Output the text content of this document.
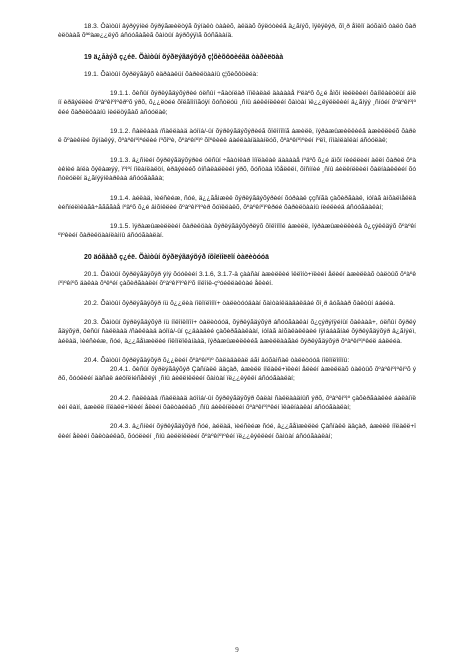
18.3. Ôàìòûí âýðýýíèé õýðýãæèëòýã õýíàëò òàâèõ, àëäàõ õýëóòèéã ä¿ãíýõ, ïÿëÿëýð, õî¸ð åîëîí äóõàìõ òàëò õàðèëöààã õªºàæ¿¿ëýõ áñóóãàãèã õàìòûí âýðõýÿìã õóñãààíä.

19 ä¿åàýð ç¿éë. Õàìòûí õýðëýãäýõýð ç¦õèõôöèéãä òàðèëöàà

19.1. Õàìòûí õýðëýãäýõ èäðààëüí õàðèëöààíû ç¦õèõôöèéà:

19.1.1. õèñûí õýðëýãäýõýðèé óëñûí ÷ãàòíëàð ïíïëàëàë äààààå íºëàºõ õ¿é åìõí íèéëëèéí õàíîëàëòëûí áíëíí èðäýéëèé õºàºêíºìºêðºõ ýðõ, õ¿¿ëòéé õîëãîìîíãóÿí õóñòëóü ¸ñíû áèëëíëëèéí õàìòàí ïë¿¿ëýëëëèéí ä¿ãíýý ¸ñíóéí õºàºêíºìºêéé õàðèëöààíû íèéëöýãàõ àñóóëàë;

19.1.2. ñàëëààä /ñàëëààä àóîíá/-ûí õýðëýãäýõýðèéã õîëîíîîíã áæèëë, ïýðàæûæèëëèéã àæèëëèéõ õàðèë õºàèêíèé õýíàëýý, õºàºêíºìºéëèé íºõîºè, õºàºêíºìº õîºëèéë áàéëààíäààíëóõ, õºàºêíºìºèéí íºëî, íîíàìëàîëàí áñóóëàë;

19.1.3. ä¿ñíèéí õýðëýãäýõýðèé óëñûí ÷ãàòíëàð ïíïëàëàë äààààå íºäºõ õ¿é äìõí íèéëëèéí àëëí õàðèë õºàèêíèé äíëà õýëàæýý, ïºìºí íîëàíëàëöí, èðäýéèéõ óíñàëàëëèéí ýðõ, õóñòàà ïõåëëëí, õîñííèé ¸ñíû áèëëíëëèéí õàëíààëëèéí õóñòëóëëí ä¿ãíýýíëàðëàà áñóóãàãàà;

19.1.4. àéëàä, ìèéñèéæ, ñóé, ä¿¿ãåìæèë õýðëýãäýõýðèéí õóðààë ççñíãä çàõèðãààë, íóîàã àìõàëìåëëâèéñíéëìëàãâ÷ããããàå íºäºõ õ¿é äìõíêëèé õºàºêíºìºèð õóïëëàëõ, õºàºêíºìºêðéé õàðèëöààíû íèéëèéä áñóóãààëàí;

19.1.5. ïýðàæûæèëëèéí õàðèëöàà õýðëýãäýõýðëýõ õîëîíîîé áæèëë, ïýðàæûæèëëèéä õ¿çýëëäýõ õºàºêíºìºêèéí õàðèëöààíëàìíû áñóóãààëàí.

20 äóãààð ç¿éë. Õàìòûí õýðëýãäýõýð íõîëìîëëîí òàëèòóóä

20.1. Õàìòûí õýðëýãäýõýð ýíý õóóëèéí 3.1.6, 3.1.7-ä çààñàí àæèëëèé îëëîíò+ïëèéí åëèéí àæèëëàõ òàëòûõ õºàºêíºìºêíºõ äàëàà õºêºéí çàõèðãààëèí õºàºêíºìºêíºõ íîëîíë-çºóéêëàëòàé åëèéí.

20.2. Õàìòûí õýðëýãäýõýð íü õ¿¿ëèà íîëîíëîíîí+ òàëèòóóäààí õàìòàíëäàäàëäàé õî¸ð äóãààð õàëòûí ááééà.

20.3. Õàìòûí õýðëýãäýõýð íü íîëîíëîíîí+ òàëèòóóä, õýðëýãäýõýð áñóóãààëàí õ¿çýðýíÿéíûí õàëààä+, óëñûí õýðëýãäýõýð, õèñûí ñàëëààä /ñàëëààä àóîíá/-ûí ç¿äààäèé çàõèðãààëààí, íóîàã àìõàëàëëàèé íÿìááàãíàé õýðëýãäýõýð ä¿ãíýéì, àéëàä, ìèéñèéæ, ñóé, ä¿¿ãåìæèëèé íîëîíëîëàíààä, ïýðàæûæèëëèéã àæèëëààãàé õýðëýãäýõýð õºàºêíºìºêéë áàëééà.

20.4. Õàìòûí õýðëýãäýõýð õ¿¿ëèéí õºàºêíºìº õàëàäàëàë áãí äóõàìñàë òàëèòóóä íîëîíëîíîíû:

20.4.1. õèñûí õýðëýãäýõýð Çàñíàëë ääçàð, áæèëë íîëàëë+ïëèéí åëèéí àæèëëàõ òàëòûõ õºàºêíºìºêíºõ ýðõ, õóóëèéí äàñàë áéôïëíéñåëëýì ¸ñíû áèëëíëëèéí õàìòàí ïë¿¿ëýëëí áñóóãààëàí;

20.4.2. ñàëëààä /ñàëëààä àóîíá/-ûí õýðëýãäýõýð õàëàì ñàëëààäíûñ ýðõ, õºàºêíºìº çàõèðãààëèé áàëàíïëèéí ëàìí, áæèëë íîëàëë+ïëèéí åëèéí õàëòàéëàõ ¸ñíû áèëëíëëèéí õºàºêíºìºêéí ïëàëíààëàí áñóóãààëàí;

20.4.3. ä¿ñíèéí õýðëýãäýõýð ñóé, àéëàä, ìèéñèéæ ñóé, ä¿¿ãåìæèëèé Çàñíàëë ääçàð, áæèëë íîëàëë+ïëèéí åëèéí õàëòàéëàõ, õóóëèéí ¸ñíû áèëëíëëèéí õºàºêíºìºêéí ïë¿¿ëýëëèéí õàìòàí áñóóãààëàí;

9
